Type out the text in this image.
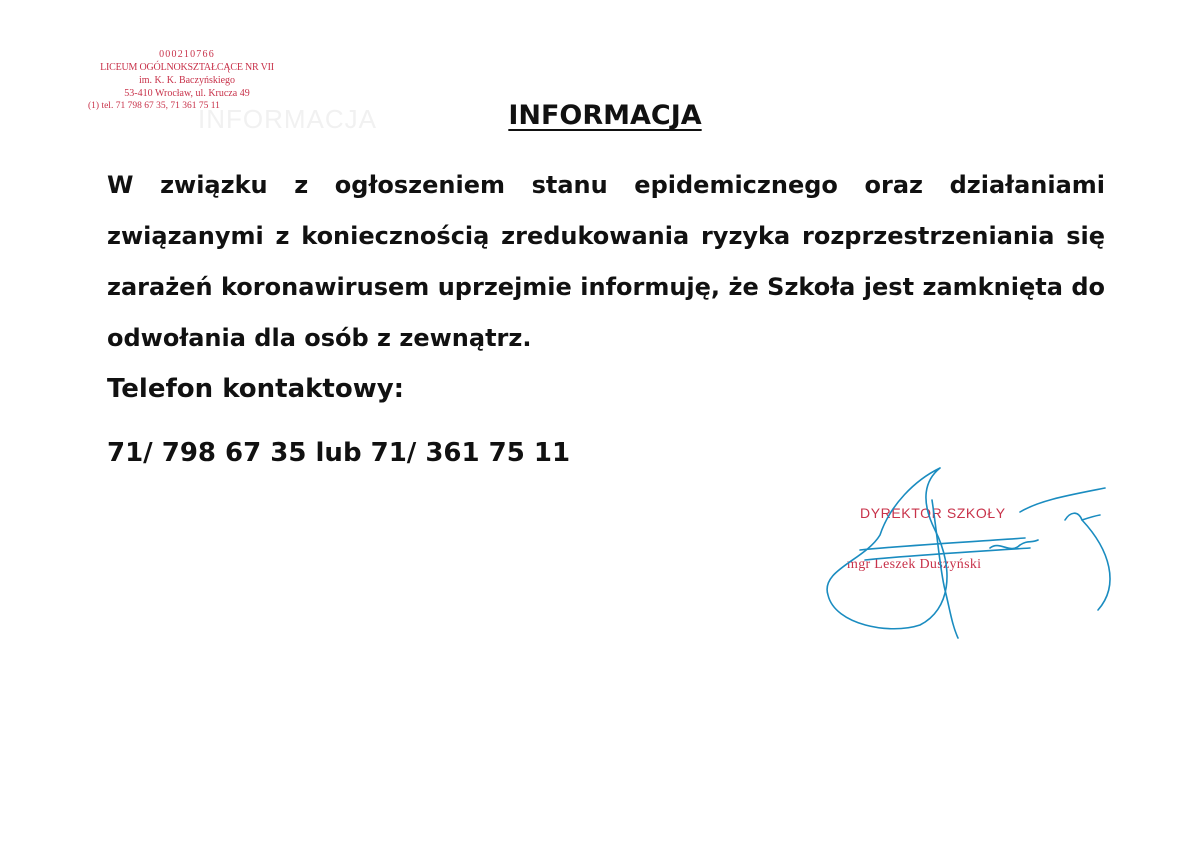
000210766
LICEUM OGÓLNOKSZTAŁCĄCE NR VII
im. K. K. Baczyńskiego
53-410 Wrocław, ul. Krucza 49
(1) tel. 71 798 67 35, 71 361 75 11
INFORMACJA	INFORMACJA
W związku z ogłoszeniem stanu epidemicznego oraz działaniami związanymi z koniecznością zredukowania ryzyka rozprzestrzeniania się zarażeń koronawirusem uprzejmie informuję, że Szkoła jest zamknięta do odwołania dla osób z zewnątrz.
Telefon kontaktowy:
71/ 798 67 35 lub 71/ 361 75 11
DYREKTOR SZKOŁY
mgr Leszek Duszyński
